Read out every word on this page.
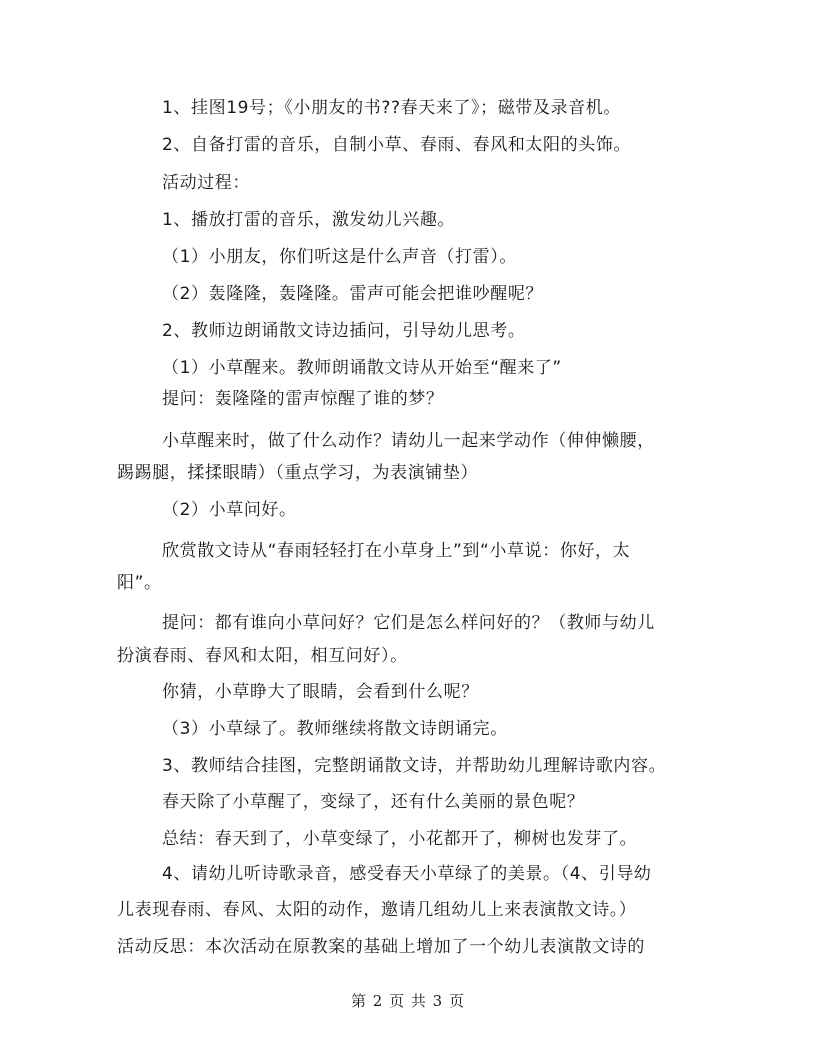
1、挂图19号；《小朋友的书??春天来了》；磁带及录音机。
2、自备打雷的音乐，自制小草、春雨、春风和太阳的头饰。
活动过程：
1、播放打雷的音乐，激发幼儿兴趣。
（1）小朋友，你们听这是什么声音（打雷）。
（2）轰隆隆，轰隆隆。雷声可能会把谁吵醒呢？
2、教师边朗诵散文诗边插问，引导幼儿思考。
（1）小草醒来。教师朗诵散文诗从开始至“醒来了”
提问：轰隆隆的雷声惊醒了谁的梦？
小草醒来时，做了什么动作？请幼儿一起来学动作（伸伸懒腰，
踢踢腿，揉揉眼睛）（重点学习，为表演铺垫）
（2）小草问好。
欣赏散文诗从“春雨轻轻打在小草身上”到“小草说：你好，太
阳”。
提问：都有谁向小草问好？它们是怎么样问好的？（教师与幼儿
扮演春雨、春风和太阳，相互问好）。
你猜，小草睁大了眼睛，会看到什么呢？
（3）小草绿了。教师继续将散文诗朗诵完。
3、教师结合挂图，完整朗诵散文诗，并帮助幼儿理解诗歌内容。
春天除了小草醒了，变绿了，还有什么美丽的景色呢？
总结：春天到了，小草变绿了，小花都开了，柳树也发芽了。
4、请幼儿听诗歌录音，感受春天小草绿了的美景。（4、引导幼
儿表现春雨、春风、太阳的动作，邀请几组幼儿上来表演散文诗。）
活动反思：本次活动在原教案的基础上增加了一个幼儿表演散文诗的
第 2 页 共 3 页
